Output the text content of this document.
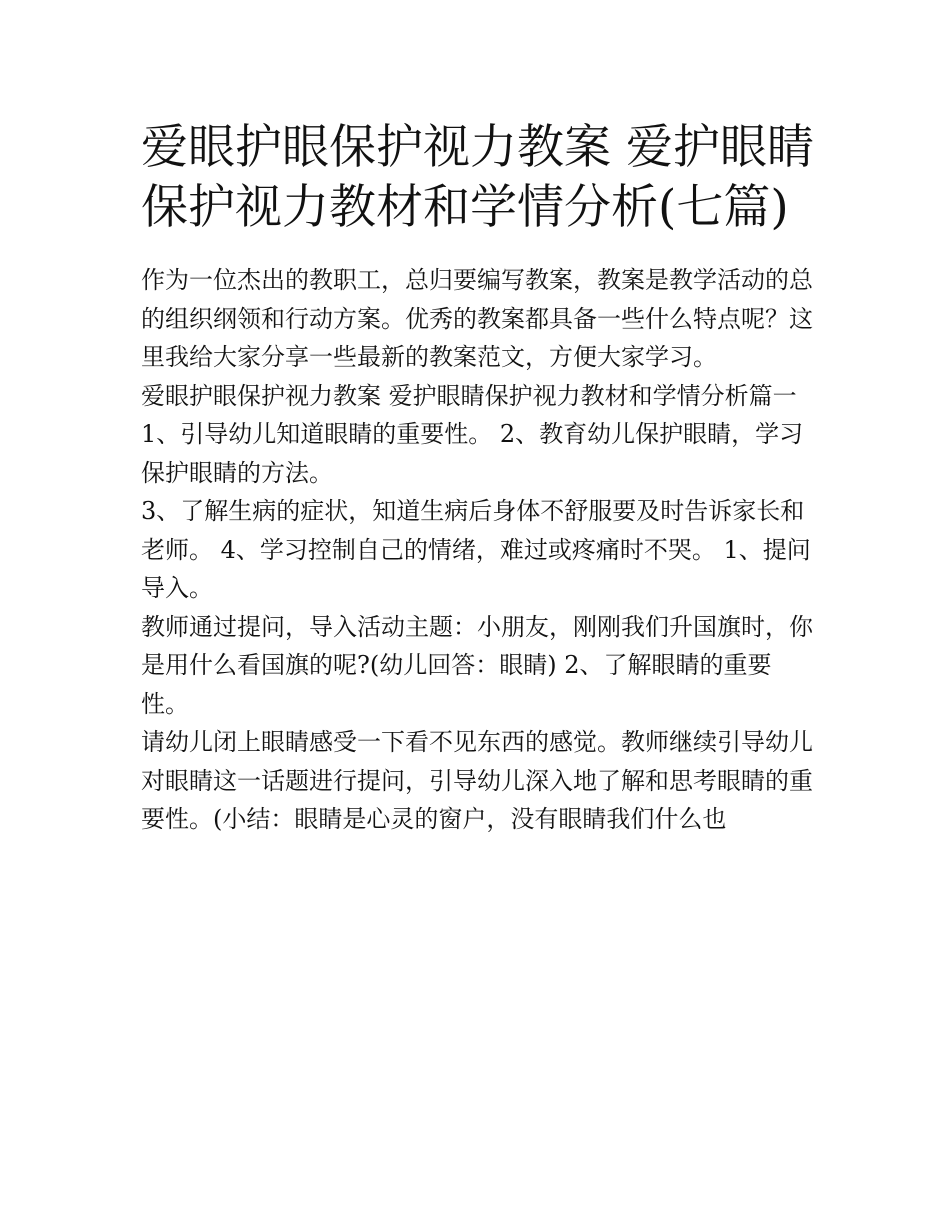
爱眼护眼保护视力教案 爱护眼睛保护视力教材和学情分析(七篇)

作为一位杰出的教职工，总归要编写教案，教案是教学活动的总的组织纲领和行动方案。优秀的教案都具备一些什么特点呢？这里我给大家分享一些最新的教案范文，方便大家学习。

爱眼护眼保护视力教案 爱护眼睛保护视力教材和学情分析篇一 1、引导幼儿知道眼睛的重要性。 2、教育幼儿保护眼睛，学习保护眼睛的方法。

3、了解生病的症状，知道生病后身体不舒服要及时告诉家长和老师。 4、学习控制自己的情绪，难过或疼痛时不哭。 1、提问导入。

教师通过提问，导入活动主题：小朋友，刚刚我们升国旗时，你是用什么看国旗的呢?(幼儿回答：眼睛) 2、了解眼睛的重要性。

请幼儿闭上眼睛感受一下看不见东西的感觉。教师继续引导幼儿对眼睛这一话题进行提问，引导幼儿深入地了解和思考眼睛的重要性。(小结：眼睛是心灵的窗户，没有眼睛我们什么也
